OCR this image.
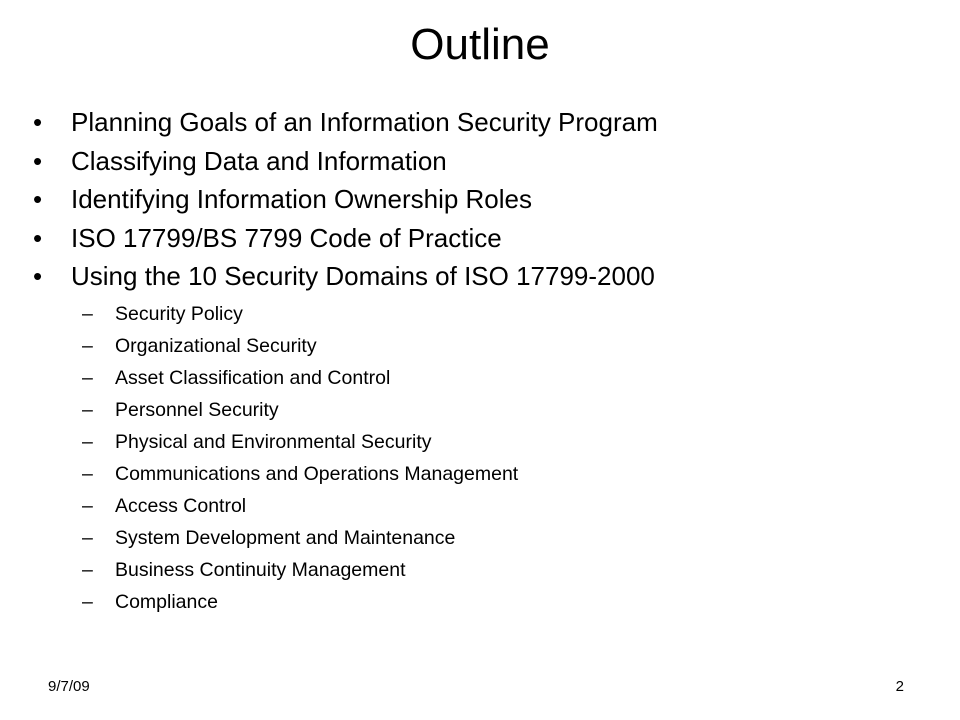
Outline
• Planning Goals of an Information Security Program
• Classifying Data and Information
• Identifying Information Ownership Roles
• ISO 17799/BS 7799 Code of Practice
• Using the 10 Security Domains of ISO 17799-2000
– Security Policy
– Organizational Security
– Asset Classification and Control
– Personnel Security
– Physical and Environmental Security
– Communications and Operations Management
– Access Control
– System Development and Maintenance
– Business Continuity Management
– Compliance
9/7/09	2
